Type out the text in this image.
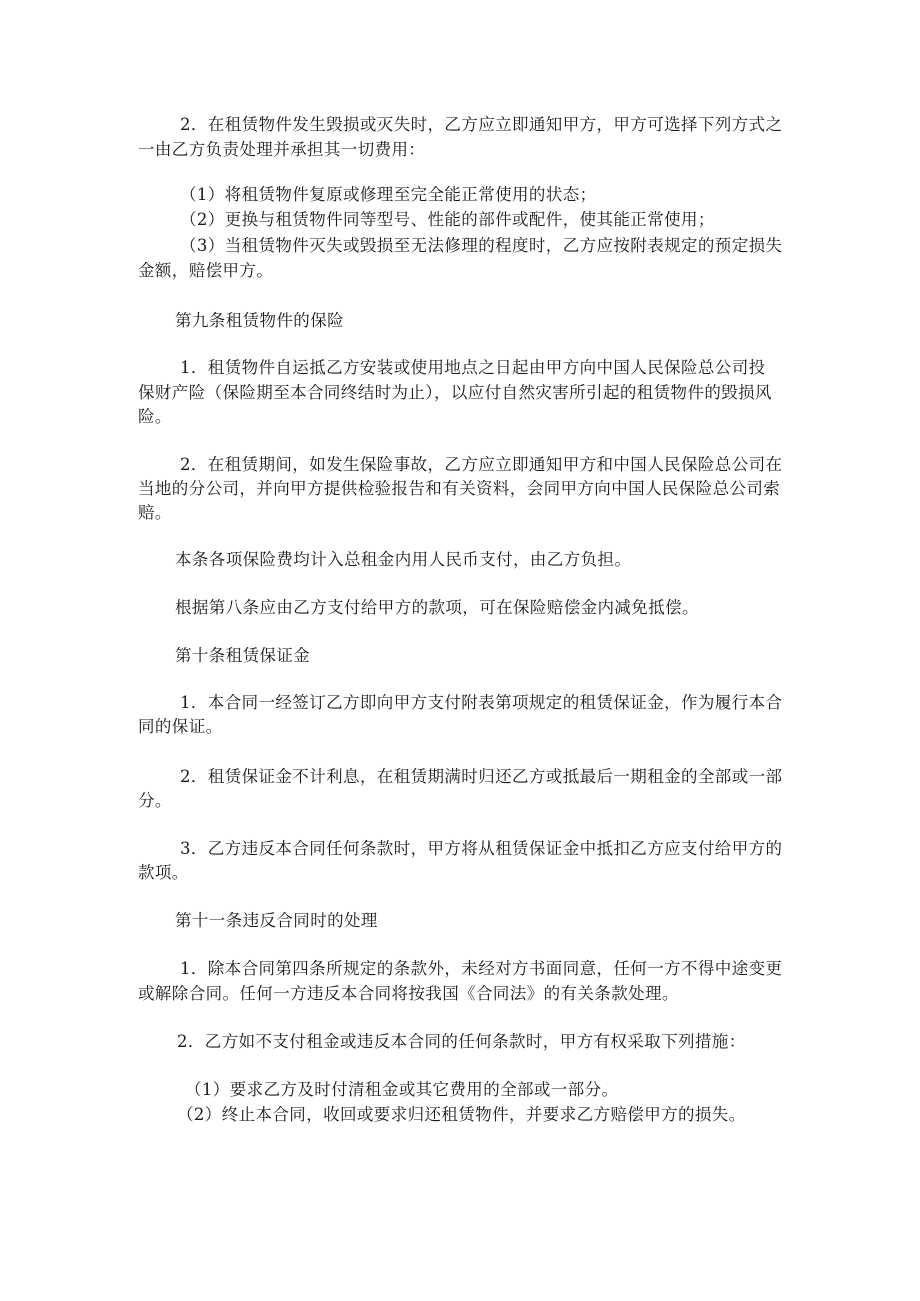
2．在租赁物件发生毁损或灭失时，乙方应立即通知甲方，甲方可选择下列方式之
一由乙方负责处理并承担其一切费用：
（1）将租赁物件复原或修理至完全能正常使用的状态；
（2）更换与租赁物件同等型号、性能的部件或配件，使其能正常使用；
（3）当租赁物件灭失或毁损至无法修理的程度时，乙方应按附表规定的预定损失
金额，赔偿甲方。
第九条租赁物件的保险
1．租赁物件自运抵乙方安装或使用地点之日起由甲方向中国人民保险总公司投
保财产险（保险期至本合同终结时为止），以应付自然灾害所引起的租赁物件的毁损风
险。
2．在租赁期间，如发生保险事故，乙方应立即通知甲方和中国人民保险总公司在
当地的分公司，并向甲方提供检验报告和有关资料，会同甲方向中国人民保险总公司索
赔。
本条各项保险费均计入总租金内用人民币支付，由乙方负担。
根据第八条应由乙方支付给甲方的款项，可在保险赔偿金内减免抵偿。
第十条租赁保证金
1．本合同一经签订乙方即向甲方支付附表第项规定的租赁保证金，作为履行本合
同的保证。
2．租赁保证金不计利息，在租赁期满时归还乙方或抵最后一期租金的全部或一部
分。
3．乙方违反本合同任何条款时，甲方将从租赁保证金中抵扣乙方应支付给甲方的
款项。
第十一条违反合同时的处理
1．除本合同第四条所规定的条款外，未经对方书面同意，任何一方不得中途变更
或解除合同。任何一方违反本合同将按我国《合同法》的有关条款处理。
2．乙方如不支付租金或违反本合同的任何条款时，甲方有权采取下列措施：
（1）要求乙方及时付清租金或其它费用的全部或一部分。
（2）终止本合同，收回或要求归还租赁物件，并要求乙方赔偿甲方的损失。
